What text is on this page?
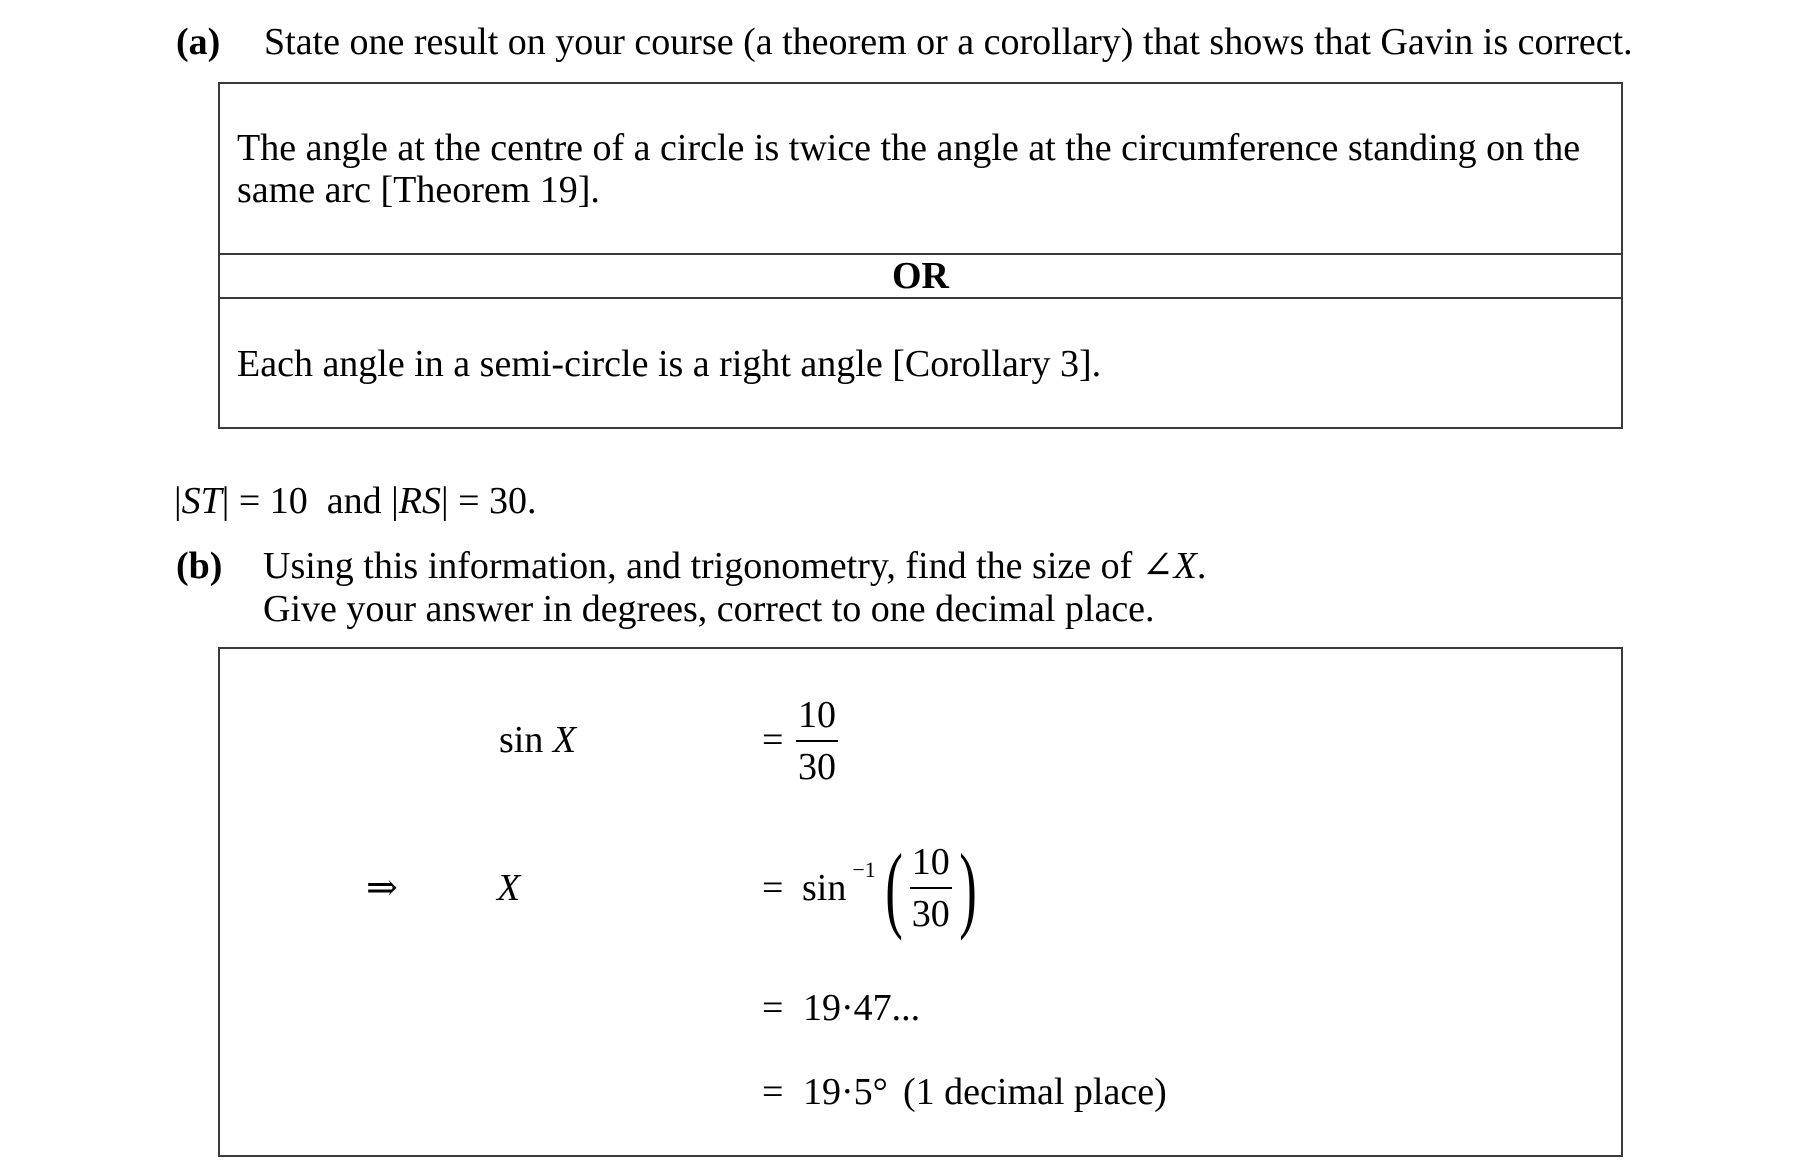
(a) State one result on your course (a theorem or a corollary) that shows that Gavin is correct.
The angle at the centre of a circle is twice the angle at the circumference standing on the
same arc [Theorem 19].
OR
Each angle in a semi-circle is a right angle [Corollary 3].
|ST| = 10  and |RS| = 30.
(b) Using this information, and trigonometry, find the size of ∠X.
Give your answer in degrees, correct to one decimal place.
sin X	= $\frac{10}{30}$
⇒	X	= sin −1 ( $\frac{10}{30}$ )
= 19·47...
= 19·5° (1 decimal place)
